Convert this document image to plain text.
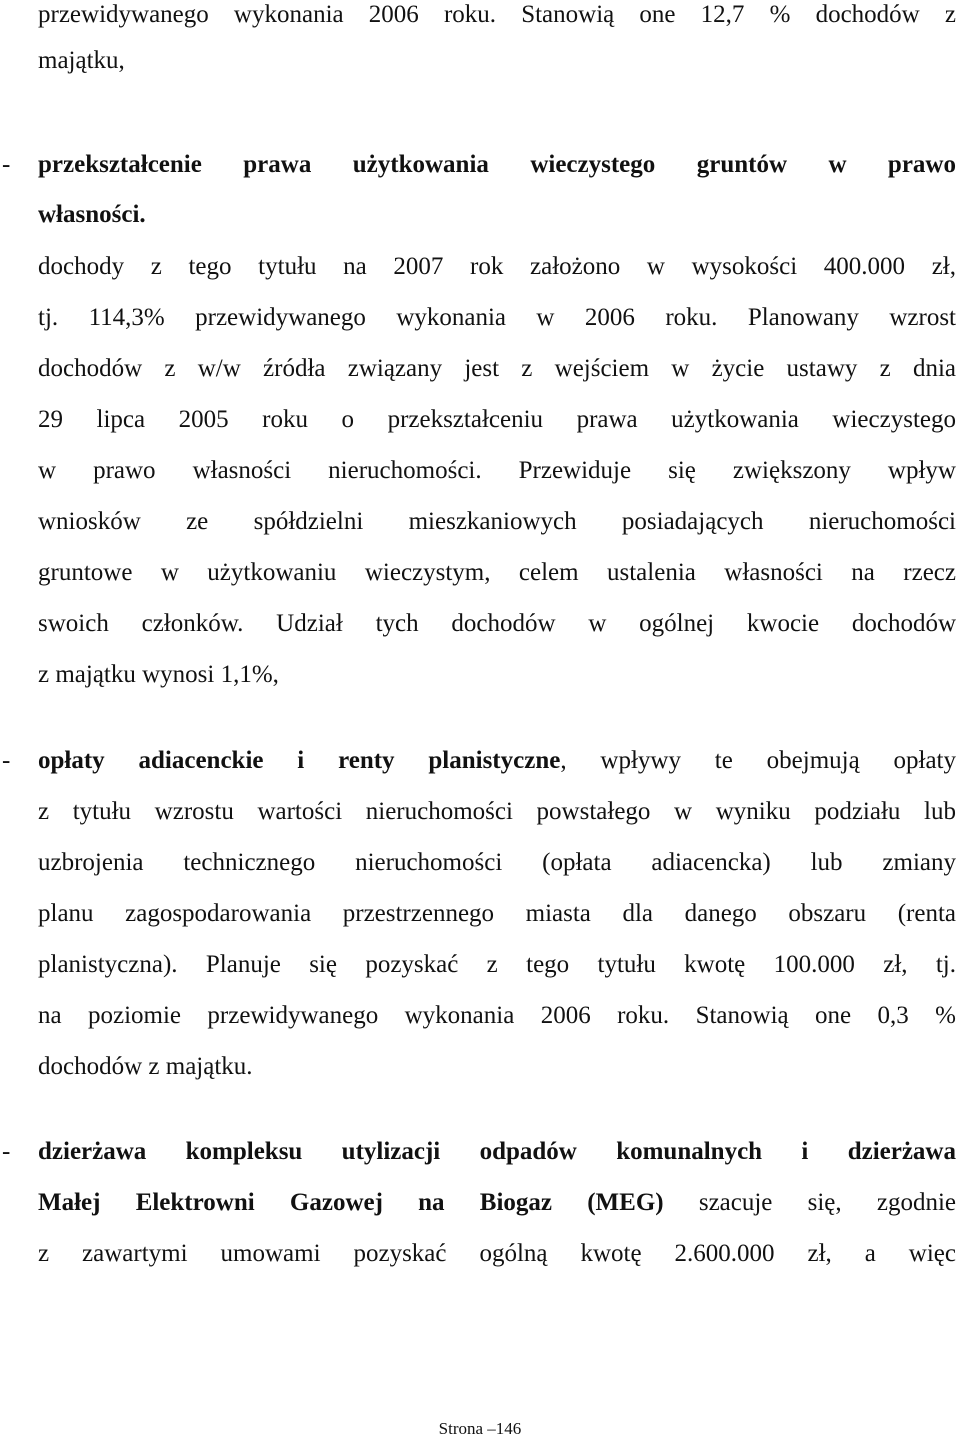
przewidywanego wykonania 2006 roku. Stanowią one 12,7 % dochodów z
majątku,
- przekształcenie prawa użytkowania wieczystego gruntów w prawo
własności.
dochody z tego tytułu na 2007 rok założono w wysokości 400.000 zł,
tj. 114,3% przewidywanego wykonania w 2006 roku. Planowany wzrost
dochodów z w/w źródła związany jest z wejściem w życie ustawy z dnia
29 lipca 2005 roku o przekształceniu prawa użytkowania wieczystego
w prawo własności nieruchomości. Przewiduje się zwiększony wpływ
wniosków ze spółdzielni mieszkaniowych posiadających nieruchomości
gruntowe w użytkowaniu wieczystym, celem ustalenia własności na rzecz
swoich członków. Udział tych dochodów w ogólnej kwocie dochodów
z majątku wynosi 1,1%,
- opłaty adiacenckie i renty planistyczne, wpływy te obejmują opłaty
z tytułu wzrostu wartości nieruchomości powstałego w wyniku podziału lub
uzbrojenia technicznego nieruchomości (opłata adiacencka) lub zmiany
planu zagospodarowania przestrzennego miasta dla danego obszaru (renta
planistyczna). Planuje się pozyskać z tego tytułu kwotę 100.000 zł, tj.
na poziomie przewidywanego wykonania 2006 roku. Stanowią one 0,3 %
dochodów z majątku.
- dzierżawa kompleksu utylizacji odpadów komunalnych i dzierżawa
Małej Elektrowni Gazowej na Biogaz (MEG) szacuje się, zgodnie
z zawartymi umowami pozyskać ogólną kwotę 2.600.000 zł, a więc
Strona –146
